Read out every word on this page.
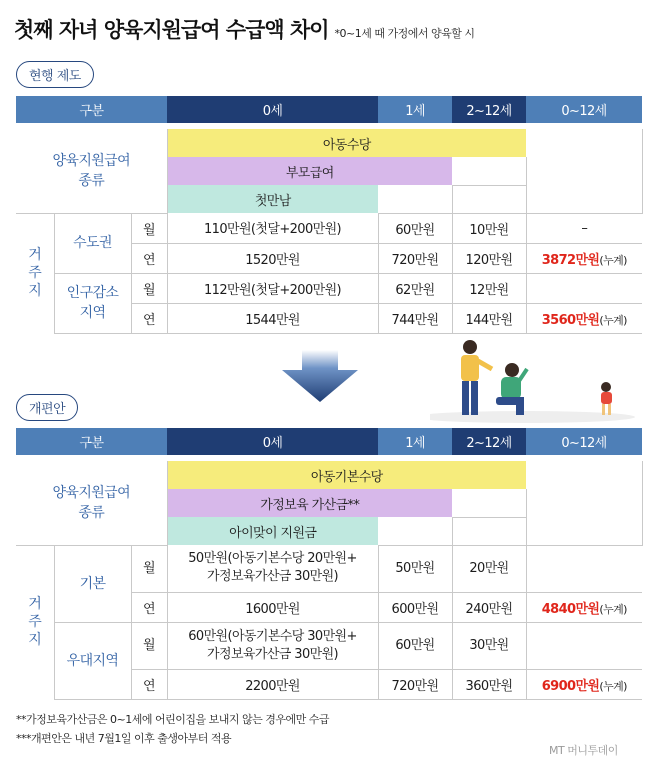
첫째 자녀 양육지원급여 수급액 차이 *0~1세 때 가정에서 양육할 시
현행 제도
구분			0세	1세	2~12세	0~12세

양육지원급여
종류			아동수당			
			부모급여			
			첫만남			
거
주
지	수도권	월	110만원(첫달+200만원)	60만원	10만원	–
		연	1520만원	720만원	120만원	3872만원(누계)
	인구감소
지역	월	112만원(첫달+200만원)	62만원	12만원	
		연	1544만원	744만원	144만원	3560만원(누계)
개편안
구분			0세	1세	2~12세	0~12세

양육지원급여
종류			아동기본수당			
			가정보육 가산금**			
			아이맞이 지원금			
거
주
지	기본	월	50만원(아동기본수당 20만원+
가정보육가산금 30만원)	50만원	20만원	
		연	1600만원	600만원	240만원	4840만원(누계)
	우대지역	월	60만원(아동기본수당 30만원+
가정보육가산금 30만원)	60만원	30만원	
		연	2200만원	720만원	360만원	6900만원(누계)
**가정보육가산금은 0~1세에 어린이집을 보내지 않는 경우에만 수급
***개편안은 내년 7월1일 이후 출생아부터 적용
MT 머니투데이
